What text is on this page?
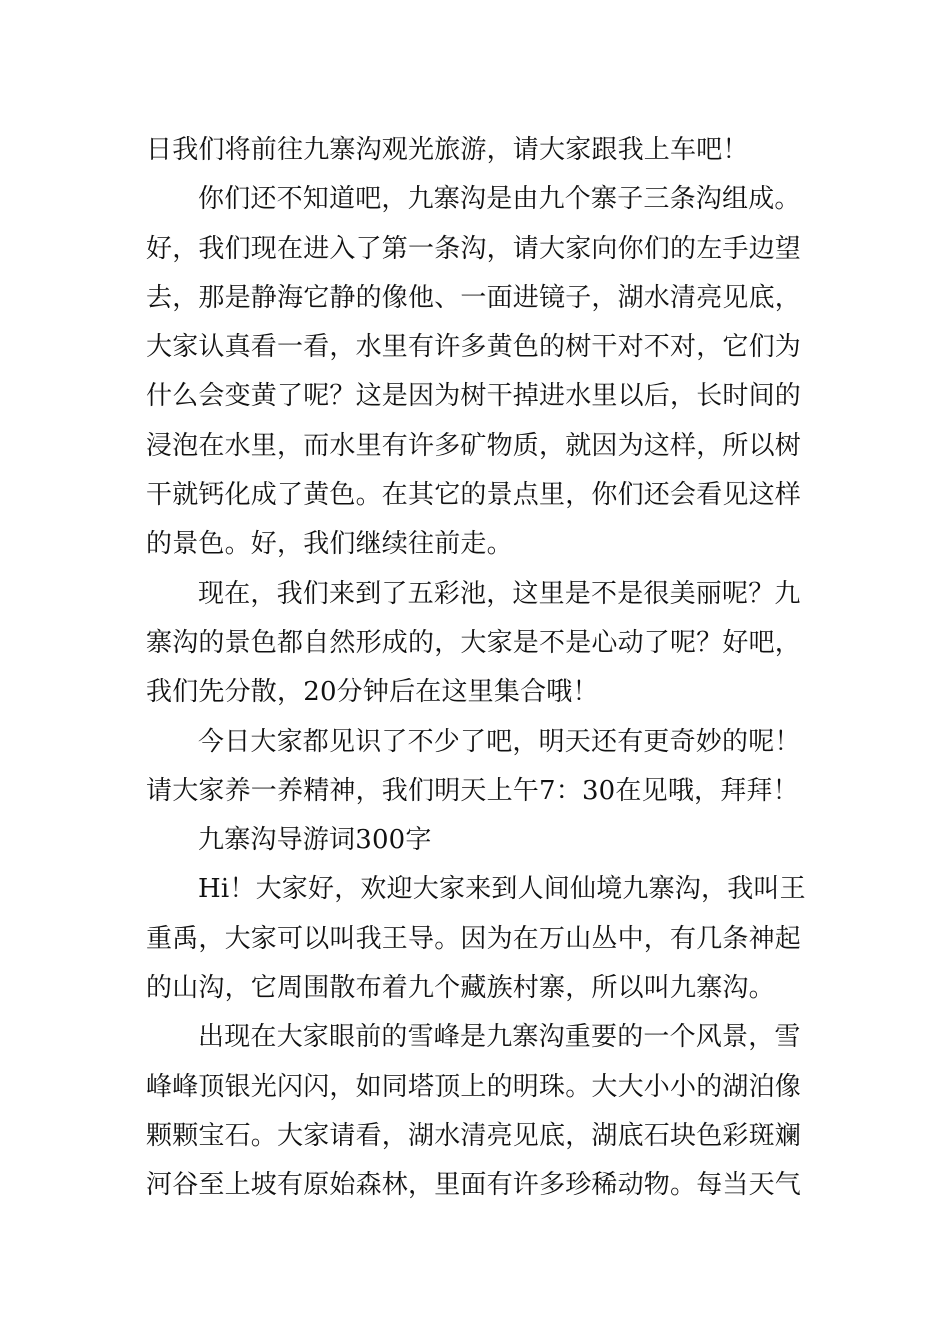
日我们将前往九寨沟观光旅游，请大家跟我上车吧！
你们还不知道吧，九寨沟是由九个寨子三条沟组成。
好，我们现在进入了第一条沟，请大家向你们的左手边望
去，那是静海它静的像他、一面进镜子，湖水清亮见底，
大家认真看一看，水里有许多黄色的树干对不对，它们为
什么会变黄了呢？这是因为树干掉进水里以后，长时间的
浸泡在水里，而水里有许多矿物质，就因为这样，所以树
干就钙化成了黄色。在其它的景点里，你们还会看见这样
的景色。好，我们继续往前走。
现在，我们来到了五彩池，这里是不是很美丽呢？九
寨沟的景色都自然形成的，大家是不是心动了呢？好吧，
我们先分散，20分钟后在这里集合哦！
今日大家都见识了不少了吧，明天还有更奇妙的呢！
请大家养一养精神，我们明天上午7：30在见哦，拜拜！
九寨沟导游词300字
Hi！大家好，欢迎大家来到人间仙境九寨沟，我叫王
重禹，大家可以叫我王导。因为在万山丛中，有几条神起
的山沟，它周围散布着九个藏族村寨，所以叫九寨沟。
出现在大家眼前的雪峰是九寨沟重要的一个风景，雪
峰峰顶银光闪闪，如同塔顶上的明珠。大大小小的湖泊像
颗颗宝石。大家请看，湖水清亮见底，湖底石块色彩斑斓
河谷至上坡有原始森林，里面有许多珍稀动物。每当天气
